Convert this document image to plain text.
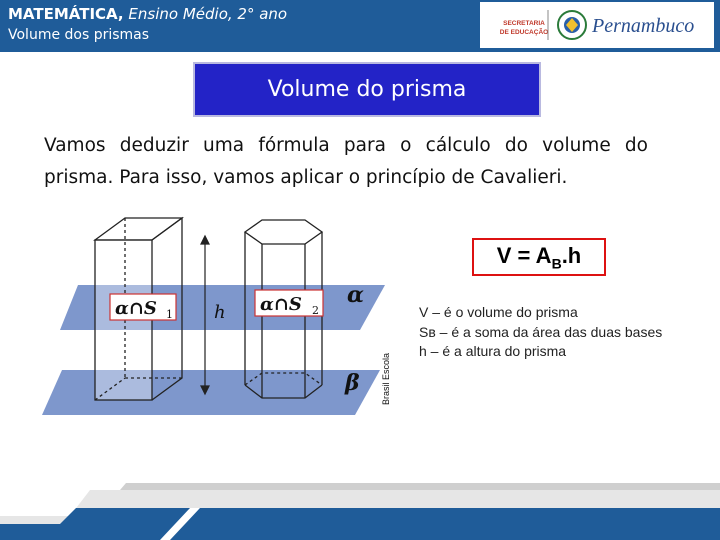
MATEMÁTICA, Ensino Médio, 2° ano
Volume dos prismas
SECRETARIA
DE EDUCAÇÃO Pernambuco
Volume do prisma
Vamos deduzir uma fórmula para o cálculo do volume do prisma. Para isso, vamos aplicar o princípio de Cavalieri.
h
α∩S 1	α∩S 2
α
β Brasil Escola
$V = A_B.h$
V – é o volume do prisma
Sʙ – é a soma da área das duas bases
h – é a altura do prisma
